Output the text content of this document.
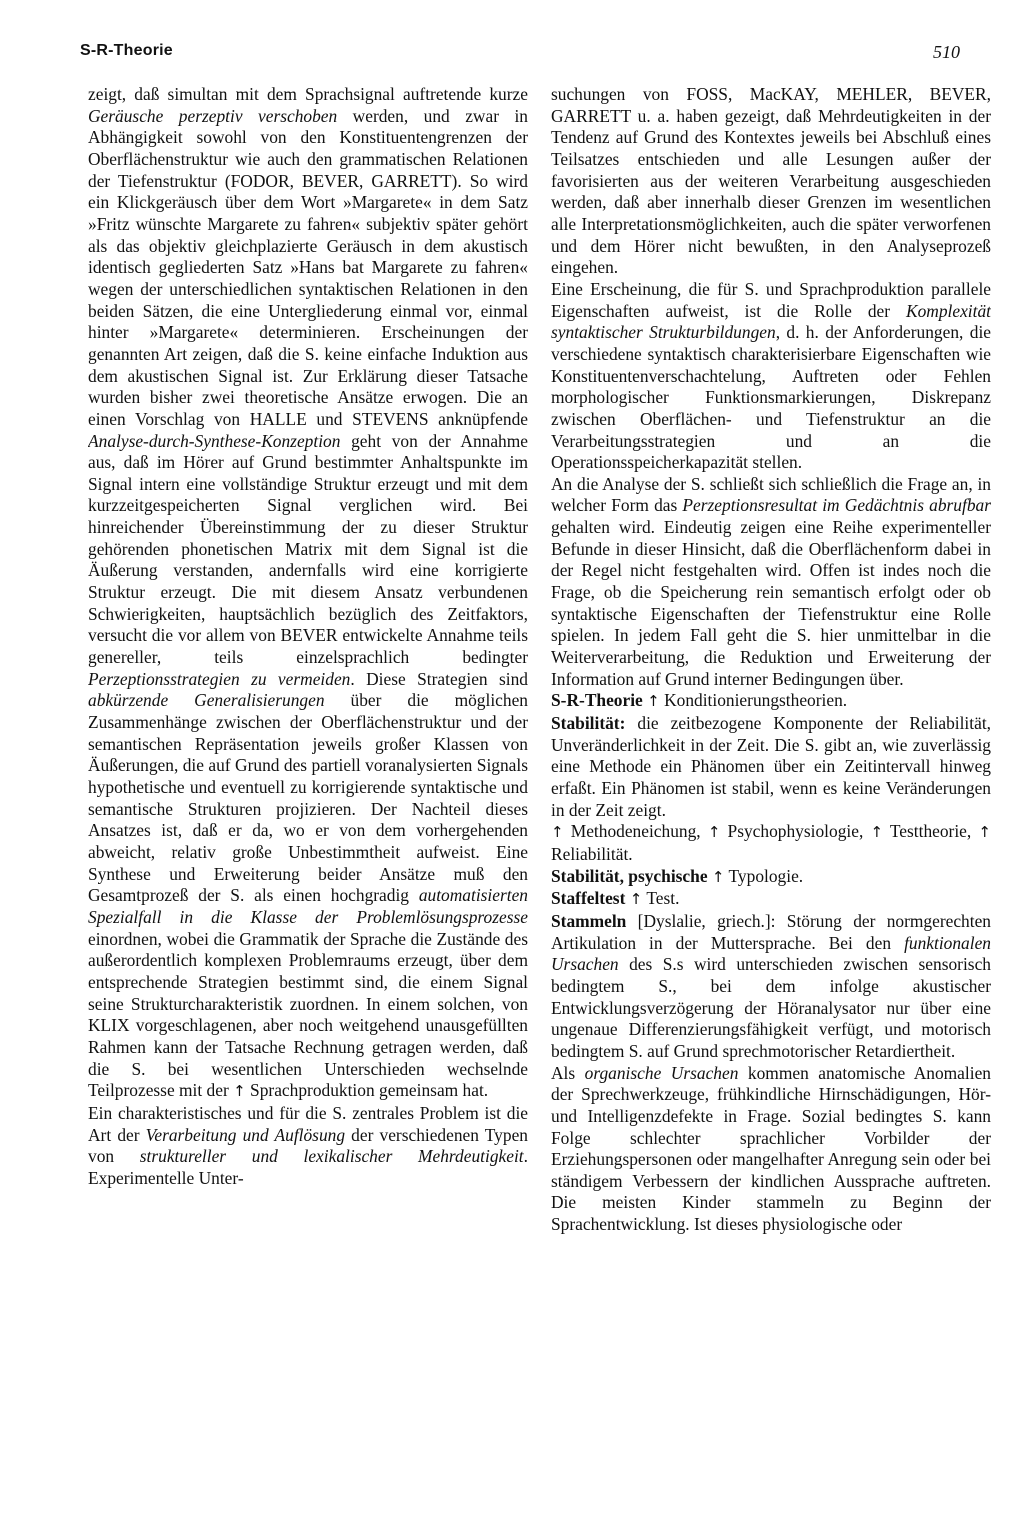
S-R-Theorie	510

zeigt, daß simultan mit dem Sprachsignal auftretende kurze Geräusche perzeptiv verschoben werden, und zwar in Abhängigkeit sowohl von den Konstituentengrenzen der Oberflächenstruktur wie auch den grammatischen Relationen der Tiefenstruktur (FODOR, BEVER, GARRETT). So wird ein Klickgeräusch über dem Wort »Margarete« in dem Satz »Fritz wünschte Margarete zu fahren« subjektiv später gehört als das objektiv gleichplazierte Geräusch in dem akustisch identisch gegliederten Satz »Hans bat Margarete zu fahren« wegen der unterschiedlichen syntaktischen Relationen in den beiden Sätzen, die eine Untergliederung einmal vor, einmal hinter »Margarete« determinieren. Erscheinungen der genannten Art zeigen, daß die S. keine einfache Induktion aus dem akustischen Signal ist. Zur Erklärung dieser Tatsache wurden bisher zwei theoretische Ansätze erwogen. Die an einen Vorschlag von HALLE und STEVENS anknüpfende Analyse-durch-Synthese-Konzeption geht von der Annahme aus, daß im Hörer auf Grund bestimmter Anhaltspunkte im Signal intern eine vollständige Struktur erzeugt und mit dem kurzzeitgespeicherten Signal verglichen wird. Bei hinreichender Übereinstimmung der zu dieser Struktur gehörenden phonetischen Matrix mit dem Signal ist die Äußerung verstanden, andernfalls wird eine korrigierte Struktur erzeugt. Die mit diesem Ansatz verbundenen Schwierigkeiten, hauptsächlich bezüglich des Zeitfaktors, versucht die vor allem von BEVER entwickelte Annahme teils genereller, teils einzelsprachlich bedingter Perzeptionsstrategien zu vermeiden. Diese Strategien sind abkürzende Generalisierungen über die möglichen Zusammenhänge zwischen der Oberflächenstruktur und der semantischen Repräsentation jeweils großer Klassen von Äußerungen, die auf Grund des partiell voranalysierten Signals hypothetische und eventuell zu korrigierende syntaktische und semantische Strukturen projizieren. Der Nachteil dieses Ansatzes ist, daß er da, wo er von dem vorhergehenden abweicht, relativ große Unbestimmtheit aufweist. Eine Synthese und Erweiterung beider Ansätze muß den Gesamtprozeß der S. als einen hochgradig automatisierten Spezialfall in die Klasse der Problemlösungsprozesse einordnen, wobei die Grammatik der Sprache die Zustände des außerordentlich komplexen Problemraums erzeugt, über dem entsprechende Strategien bestimmt sind, die einem Signal seine Strukturcharakteristik zuordnen. In einem solchen, von KLIX vorgeschlagenen, aber noch weitgehend unausgefüllten Rahmen kann der Tatsache Rechnung getragen werden, daß die S. bei wesentlichen Unterschieden wechselnde Teilprozesse mit der ↑ Sprachproduktion gemeinsam hat.

Ein charakteristisches und für die S. zentrales Problem ist die Art der Verarbeitung und Auflösung der verschiedenen Typen von struktureller und lexikalischer Mehrdeutigkeit. Experimentelle Unter-

suchungen von FOSS, MacKAY, MEHLER, BEVER, GARRETT u. a. haben gezeigt, daß Mehrdeutigkeiten in der Tendenz auf Grund des Kontextes jeweils bei Abschluß eines Teilsatzes entschieden und alle Lesungen außer der favorisierten aus der weiteren Verarbeitung ausgeschieden werden, daß aber innerhalb dieser Grenzen im wesentlichen alle Interpretationsmöglichkeiten, auch die später verworfenen und dem Hörer nicht bewußten, in den Analyseprozeß eingehen.

Eine Erscheinung, die für S. und Sprachproduktion parallele Eigenschaften aufweist, ist die Rolle der Komplexität syntaktischer Strukturbildungen, d. h. der Anforderungen, die verschiedene syntaktisch charakterisierbare Eigenschaften wie Konstituentenverschachtelung, Auftreten oder Fehlen morphologischer Funktionsmarkierungen, Diskrepanz zwischen Oberflächen- und Tiefenstruktur an die Verarbeitungsstrategien und an die Operationsspeicherkapazität stellen.

An die Analyse der S. schließt sich schließlich die Frage an, in welcher Form das Perzeptionsresultat im Gedächtnis abrufbar gehalten wird. Eindeutig zeigen eine Reihe experimenteller Befunde in dieser Hinsicht, daß die Oberflächenform dabei in der Regel nicht festgehalten wird. Offen ist indes noch die Frage, ob die Speicherung rein semantisch erfolgt oder ob syntaktische Eigenschaften der Tiefenstruktur eine Rolle spielen. In jedem Fall geht die S. hier unmittelbar in die Weiterverarbeitung, die Reduktion und Erweiterung der Information auf Grund interner Bedingungen über.

S-R-Theorie ↑ Konditionierungstheorien.

Stabilität: die zeitbezogene Komponente der Reliabilität, Unveränderlichkeit in der Zeit. Die S. gibt an, wie zuverlässig eine Methode ein Phänomen über ein Zeitintervall hinweg erfaßt. Ein Phänomen ist stabil, wenn es keine Veränderungen in der Zeit zeigt.

↑ Methodeneichung, ↑ Psychophysiologie, ↑ Testtheorie, ↑ Reliabilität.

Stabilität, psychische ↑ Typologie.

Staffeltest ↑ Test.

Stammeln [Dyslalie, griech.]: Störung der normgerechten Artikulation in der Muttersprache. Bei den funktionalen Ursachen des S.s wird unterschieden zwischen sensorisch bedingtem S., bei dem infolge akustischer Entwicklungsverzögerung der Höranalysator nur über eine ungenaue Differenzierungsfähigkeit verfügt, und motorisch bedingtem S. auf Grund sprechmotorischer Retardiertheit.

Als organische Ursachen kommen anatomische Anomalien der Sprechwerkzeuge, frühkindliche Hirnschädigungen, Hör- und Intelligenzdefekte in Frage. Sozial bedingtes S. kann Folge schlechter sprachlicher Vorbilder der Erziehungspersonen oder mangelhafter Anregung sein oder bei ständigem Verbessern der kindlichen Aussprache auftreten. Die meisten Kinder stammeln zu Beginn der Sprachentwicklung. Ist dieses physiologische oder
